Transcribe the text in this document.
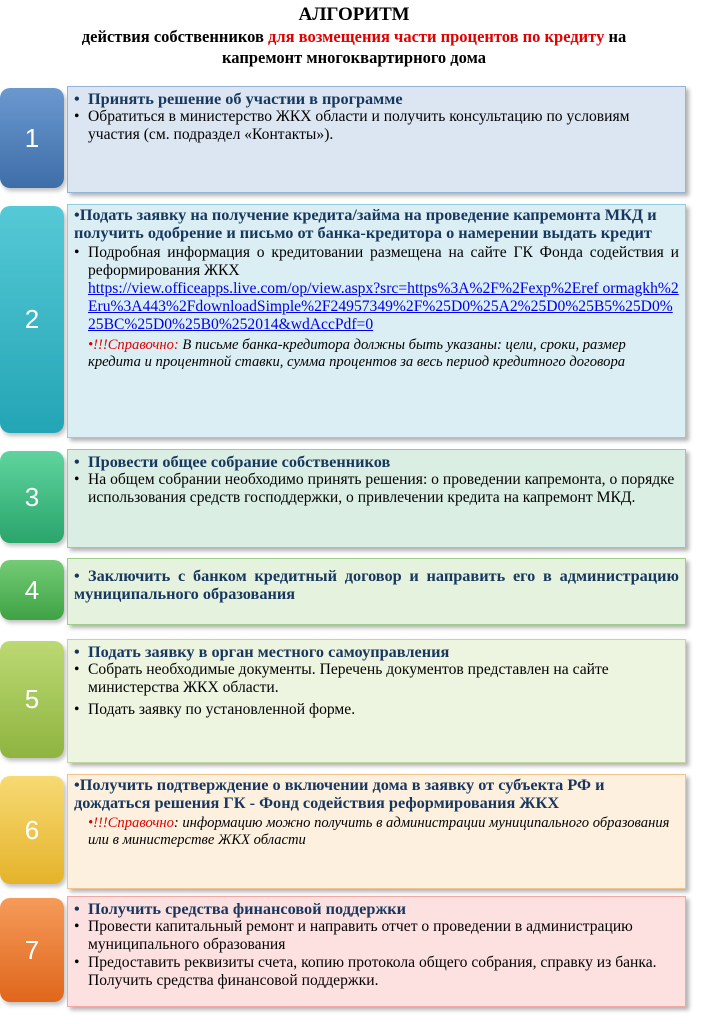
АЛГОРИТМ
действия собственников для возмещения части процентов по кредиту на
капремонт многоквартирного дома
1

• Принять решение об участии в программе

• Обратиться в министерство ЖКХ области и получить консультацию по условиям участия (см. подраздел «Контакты»).

2

•Подать заявку на получение кредита/займа на проведение капремонта МКД и получить одобрение и письмо от банка-кредитора о намерении выдать кредит

• Подробная информация о кредитовании размещена на сайте ГК Фонда содействия и реформирования ЖКХ

https://view.officeapps.live.com/op/view.aspx?src=https%3A%2F%2Fexp%2Eref ormagkh%2Eru%3A443%2FdownloadSimple%2F24957349%2F%25D0%25A2%25D0%25B5%25D0%25BC%25D0%25B0%252014&wdAccPdf=0

•!!!Справочно: В письме банка-кредитора должны быть указаны: цели, сроки, размер кредита и процентной ставки, сумма процентов за весь период кредитного договора

3

• Провести общее собрание собственников

• На общем собрании необходимо принять решения: о проведении капремонта, о порядке использования средств господдержки, о привлечении кредита на капремонт МКД.

4 • Заключить с банком кредитный договор и направить его в администрацию муниципального образования

5

• Подать заявку в орган местного самоуправления

• Собрать необходимые документы. Перечень документов представлен на сайте министерства ЖКХ области.

• Подать заявку по установленной форме.

6

•Получить подтверждение о включении дома в заявку от субъекта РФ и дождаться решения ГК - Фонд содействия реформирования ЖКХ

•!!!Справочно: информацию можно получить в администрации муниципального образования или в министерстве ЖКХ области

7

• Получить средства финансовой поддержки

• Провести капитальный ремонт и направить отчет о проведении в администрацию муниципального образования

• Предоставить реквизиты счета, копию протокола общего собрания, справку из банка. Получить средства финансовой поддержки.
